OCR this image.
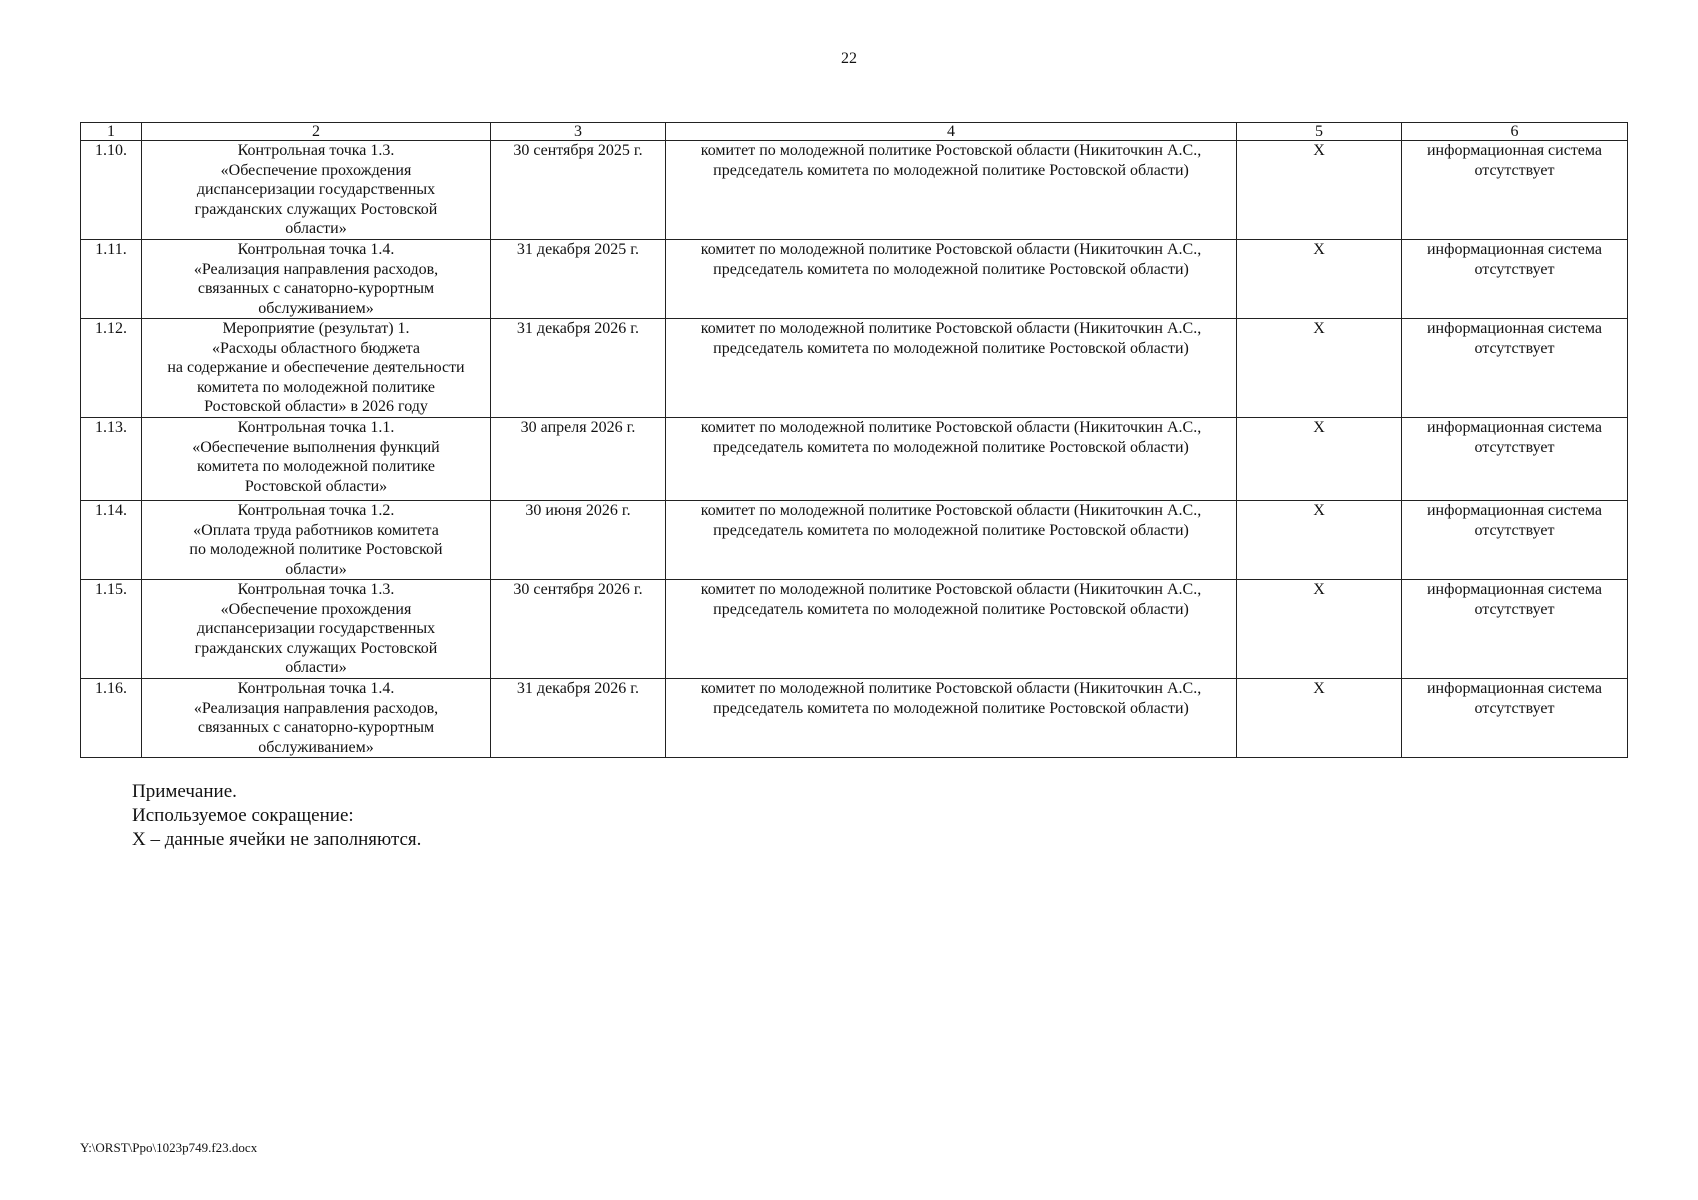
22
1	2	3	4	5	6
1.10.	Контрольная точка 1.3.
«Обеспечение прохождения
диспансеризации государственных
гражданских служащих Ростовской
области»	30 сентября 2025 г.	комитет по молодежной политике Ростовской области (Никиточкин А.С.,
председатель комитета по молодежной политике Ростовской области)	X	информационная система
отсутствует
1.11.	Контрольная точка 1.4.
«Реализация направления расходов,
связанных с санаторно-курортным
обслуживанием»	31 декабря 2025 г.	комитет по молодежной политике Ростовской области (Никиточкин А.С.,
председатель комитета по молодежной политике Ростовской области)	X	информационная система
отсутствует
1.12.	Мероприятие (результат) 1.
«Расходы областного бюджета
на содержание и обеспечение деятельности
комитета по молодежной политике
Ростовской области» в 2026 году	31 декабря 2026 г.	комитет по молодежной политике Ростовской области (Никиточкин А.С.,
председатель комитета по молодежной политике Ростовской области)	X	информационная система
отсутствует
1.13.	Контрольная точка 1.1.
«Обеспечение выполнения функций
комитета по молодежной политике
Ростовской области»	30 апреля 2026 г.	комитет по молодежной политике Ростовской области (Никиточкин А.С.,
председатель комитета по молодежной политике Ростовской области)	X	информационная система
отсутствует
1.14.	Контрольная точка 1.2.
«Оплата труда работников комитета
по молодежной политике Ростовской
области»	30 июня 2026 г.	комитет по молодежной политике Ростовской области (Никиточкин А.С.,
председатель комитета по молодежной политике Ростовской области)	X	информационная система
отсутствует
1.15.	Контрольная точка 1.3.
«Обеспечение прохождения
диспансеризации государственных
гражданских служащих Ростовской
области»	30 сентября 2026 г.	комитет по молодежной политике Ростовской области (Никиточкин А.С.,
председатель комитета по молодежной политике Ростовской области)	X	информационная система
отсутствует
1.16.	Контрольная точка 1.4.
«Реализация направления расходов,
связанных с санаторно-курортным
обслуживанием»	31 декабря 2026 г.	комитет по молодежной политике Ростовской области (Никиточкин А.С.,
председатель комитета по молодежной политике Ростовской области)	X	информационная система
отсутствует
Примечание.
Используемое сокращение:
X – данные ячейки не заполняются.
Y:\ORST\Ppo\1023p749.f23.docx
